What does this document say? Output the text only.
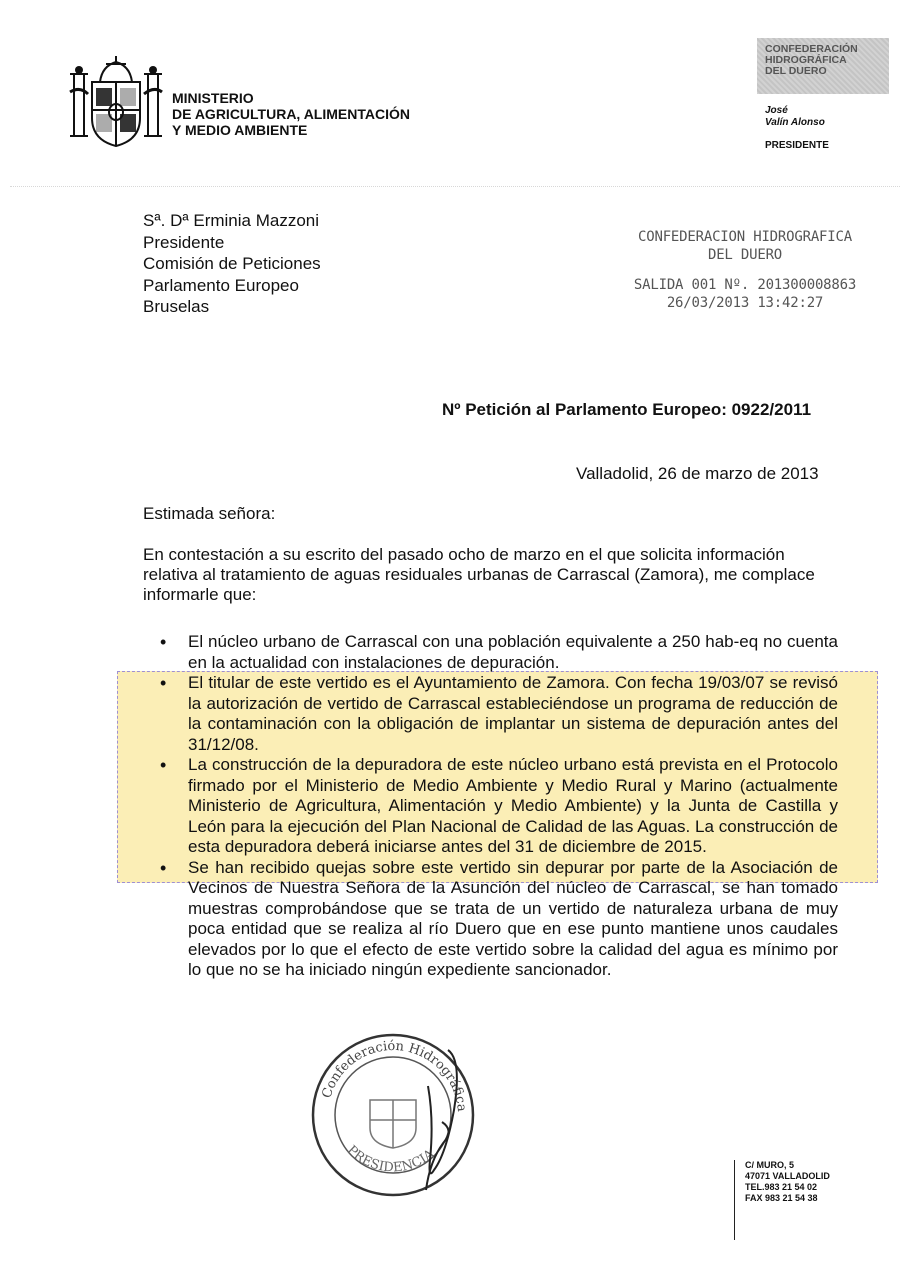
MINISTERIO
DE AGRICULTURA, ALIMENTACIÓN
Y MEDIO AMBIENTE
CONFEDERACIÓN
HIDROGRÁFICA
DEL DUERO
José
Valín Alonso
PRESIDENTE
Sª. Dª Erminia Mazzoni
Presidente
Comisión de Peticiones
Parlamento Europeo
Bruselas
CONFEDERACION HIDROGRAFICA
DEL DUERO
SALIDA 001 Nº. 201300008863
26/03/2013 13:42:27
Nº Petición al Parlamento Europeo: 0922/2011
Valladolid, 26 de marzo de 2013
Estimada señora:
En contestación a su escrito del pasado ocho de marzo en el que solicita información relativa al tratamiento de aguas residuales urbanas de Carrascal (Zamora), me complace informarle que:
• El núcleo urbano de Carrascal con una población equivalente a 250 hab-eq no cuenta en la actualidad con instalaciones de depuración.
• El titular de este vertido es el Ayuntamiento de Zamora. Con fecha 19/03/07 se revisó la autorización de vertido de Carrascal estableciéndose un programa de reducción de la contaminación con la obligación de implantar un sistema de depuración antes del 31/12/08.
• La construcción de la depuradora de este núcleo urbano está prevista en el Protocolo firmado por el Ministerio de Medio Ambiente y Medio Rural y Marino (actualmente Ministerio de Agricultura, Alimentación y Medio Ambiente) y la Junta de Castilla y León para la ejecución del Plan Nacional de Calidad de las Aguas. La construcción de esta depuradora deberá iniciarse antes del 31 de diciembre de 2015.
• Se han recibido quejas sobre este vertido sin depurar por parte de la Asociación de Vecinos de Nuestra Señora de la Asunción del núcleo de Carrascal, se han tomado muestras comprobándose que se trata de un vertido de naturaleza urbana de muy poca entidad que se realiza al río Duero que en ese punto mantiene unos caudales elevados por lo que el efecto de este vertido sobre la calidad del agua es mínimo por lo que no se ha iniciado ningún expediente sancionador.
Confederación Hidrográfica
PRESIDENCIA
C/ MURO, 5
47071 VALLADOLID
TEL.983 21 54 02
FAX 983 21 54 38
